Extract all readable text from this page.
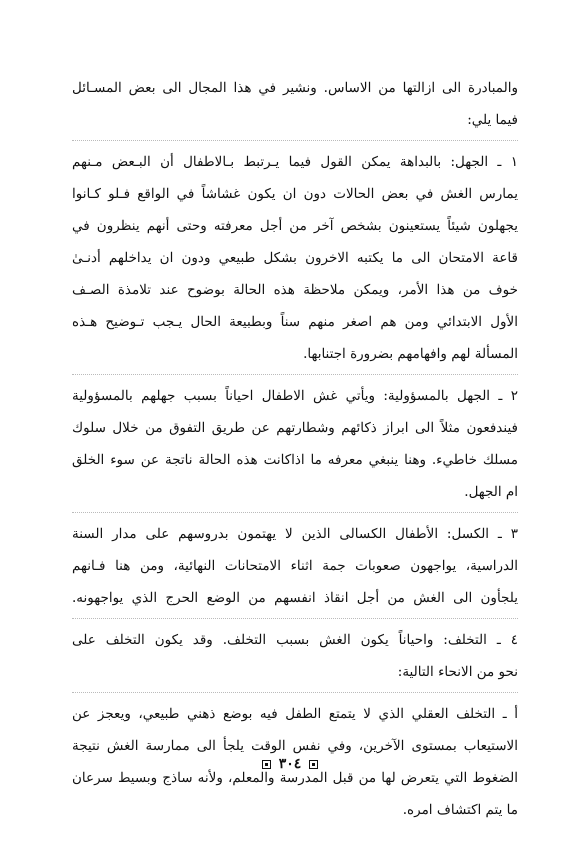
والمبادرة الى ازالتها من الاساس. ونشير في هذا المجال الى بعض المسـائل
فيما يلي:
١ ـ الجهل: بالبداهة يمكن القول فيما يـرتبط بـالاطفال أن البـعض مـنهم
يمارس الغش في بعض الحالات دون ان يكون غشاشاً في الواقع فـلو كـانوا
يجهلون شيئاً يستعينون بشخص آخر من أجل معرفته وحتى أنهم ينظرون في
قاعة الامتحان الى ما يكتبه الاخرون بشكل طبيعي ودون ان يداخلهم أدنـىٰ
خوف من هذا الأمر، ويمكن ملاحظة هذه الحالة بوضوح عند تلامذة الصـف
الأول الابتدائي ومن هم اصغر منهم سناً وبطبيعة الحال يـجب تـوضيح هـذه
المسألة لهم وافهامهم بضرورة اجتنابها.
٢ ـ الجهل بالمسؤولية: ويأتي غش الاطفال احياناً بسبب جهلهم بالمسؤولية
فيندفعون مثلاً الى ابراز ذكائهم وشطارتهم عن طريق التفوق من خلال سلوك
مسلك خاطيء. وهنا ينبغي معرفه ما اذاكانت هذه الحالة ناتجة عن سوء الخلق
ام الجهل.
٣ ـ الكسل: الأطفال الكسالى الذين لا يهتمون بدروسهم على مدار السنة
الدراسية، يواجهون صعوبات جمة اثناء الامتحانات النهائية، ومن هنا فـانهم
يلجأون الى الغش من أجل انقاذ انفسهم من الوضع الحرج الذي يواجهونه.
٤ ـ التخلف: واحياناً يكون الغش بسبب التخلف. وقد يكون التخلف على
نحو من الانحاء التالية:
أ ـ التخلف العقلي الذي لا يتمتع الطفل فيه بوضع ذهني طبيعي، ويعجز عن
الاستيعاب بمستوى الآخرين، وفي نفس الوقت يلجأ الى ممارسة الغش نتيجة
الضغوط التي يتعرض لها من قبل المدرسة والمعلم، ولأنه ساذج وبسيط سرعان
ما يتم اكتشاف امره.
٣٠٤
